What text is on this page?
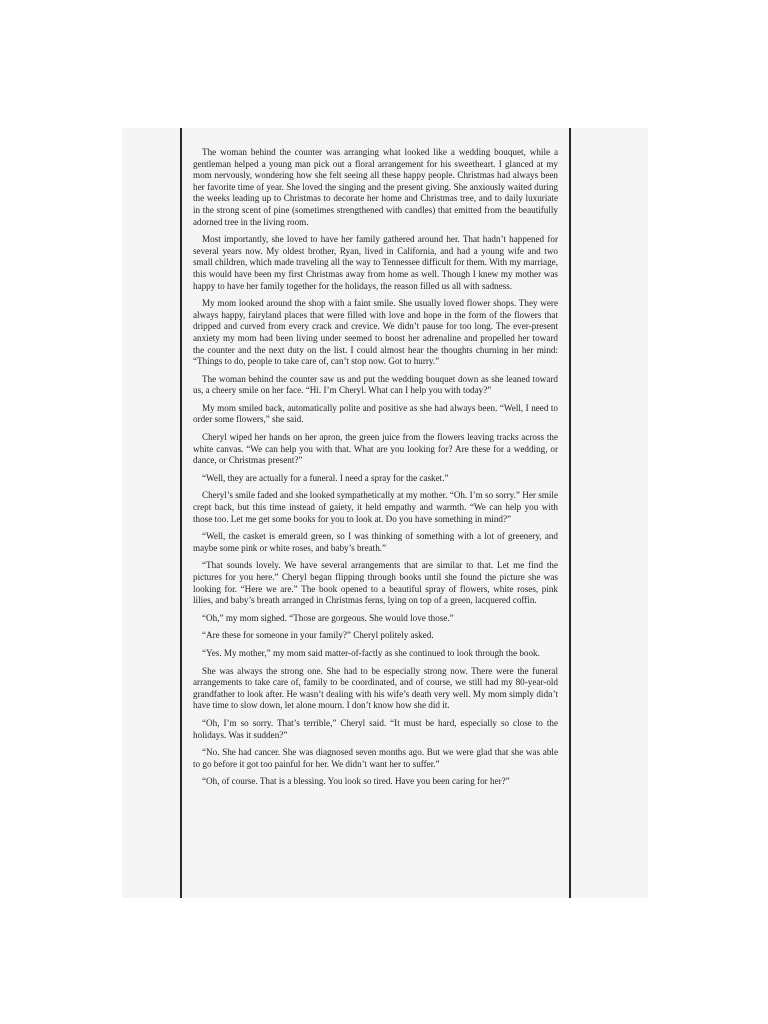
The woman behind the counter was arranging what looked like a wedding bouquet, while a gentleman helped a young man pick out a floral arrangement for his sweetheart. I glanced at my mom nervously, wondering how she felt seeing all these happy people. Christmas had always been her favorite time of year. She loved the singing and the present giving. She anxiously waited during the weeks leading up to Christmas to decorate her home and Christmas tree, and to daily luxuriate in the strong scent of pine (sometimes strengthened with candles) that emitted from the beautifully adorned tree in the living room.

Most importantly, she loved to have her family gathered around her. That hadn’t happened for several years now. My oldest brother, Ryan, lived in California, and had a young wife and two small children, which made traveling all the way to Tennessee difficult for them. With my marriage, this would have been my first Christmas away from home as well. Though I knew my mother was happy to have her family together for the holidays, the reason filled us all with sadness.

My mom looked around the shop with a faint smile. She usually loved flower shops. They were always happy, fairyland places that were filled with love and hope in the form of the flowers that dripped and curved from every crack and crevice. We didn’t pause for too long. The ever-present anxiety my mom had been living under seemed to boost her adrenaline and propelled her toward the counter and the next duty on the list. I could almost hear the thoughts churning in her mind: “Things to do, people to take care of, can’t stop now. Got to hurry.”

The woman behind the counter saw us and put the wedding bouquet down as she leaned toward us, a cheery smile on her face. “Hi. I’m Cheryl. What can I help you with today?”

My mom smiled back, automatically polite and positive as she had always been. “Well, I need to order some flowers,” she said.

Cheryl wiped her hands on her apron, the green juice from the flowers leaving tracks across the white canvas. “We can help you with that. What are you looking for? Are these for a wedding, or dance, or Christmas present?”

“Well, they are actually for a funeral. I need a spray for the casket.”

Cheryl’s smile faded and she looked sympathetically at my mother. “Oh. I’m so sorry.” Her smile crept back, but this time instead of gaiety, it held empathy and warmth. “We can help you with those too. Let me get some books for you to look at. Do you have something in mind?”

“Well, the casket is emerald green, so I was thinking of something with a lot of greenery, and maybe some pink or white roses, and baby’s breath.”

“That sounds lovely. We have several arrangements that are similar to that. Let me find the pictures for you here.” Cheryl began flipping through books until she found the picture she was looking for. “Here we are.” The book opened to a beautiful spray of flowers, white roses, pink lilies, and baby’s breath arranged in Christmas ferns, lying on top of a green, lacquered coffin.

“Oh,” my mom sighed. “Those are gorgeous. She would love those.”

“Are these for someone in your family?” Cheryl politely asked.

“Yes. My mother,” my mom said matter-of-factly as she continued to look through the book.

She was always the strong one. She had to be especially strong now. There were the funeral arrangements to take care of, family to be coordinated, and of course, we still had my 80-year-old grandfather to look after. He wasn’t dealing with his wife’s death very well. My mom simply didn’t have time to slow down, let alone mourn. I don’t know how she did it.

“Oh, I’m so sorry. That’s terrible,” Cheryl said. “It must be hard, especially so close to the holidays. Was it sudden?”

“No. She had cancer. She was diagnosed seven months ago. But we were glad that she was able to go before it got too painful for her. We didn’t want her to suffer.”

“Oh, of course. That is a blessing. You look so tired. Have you been caring for her?”
